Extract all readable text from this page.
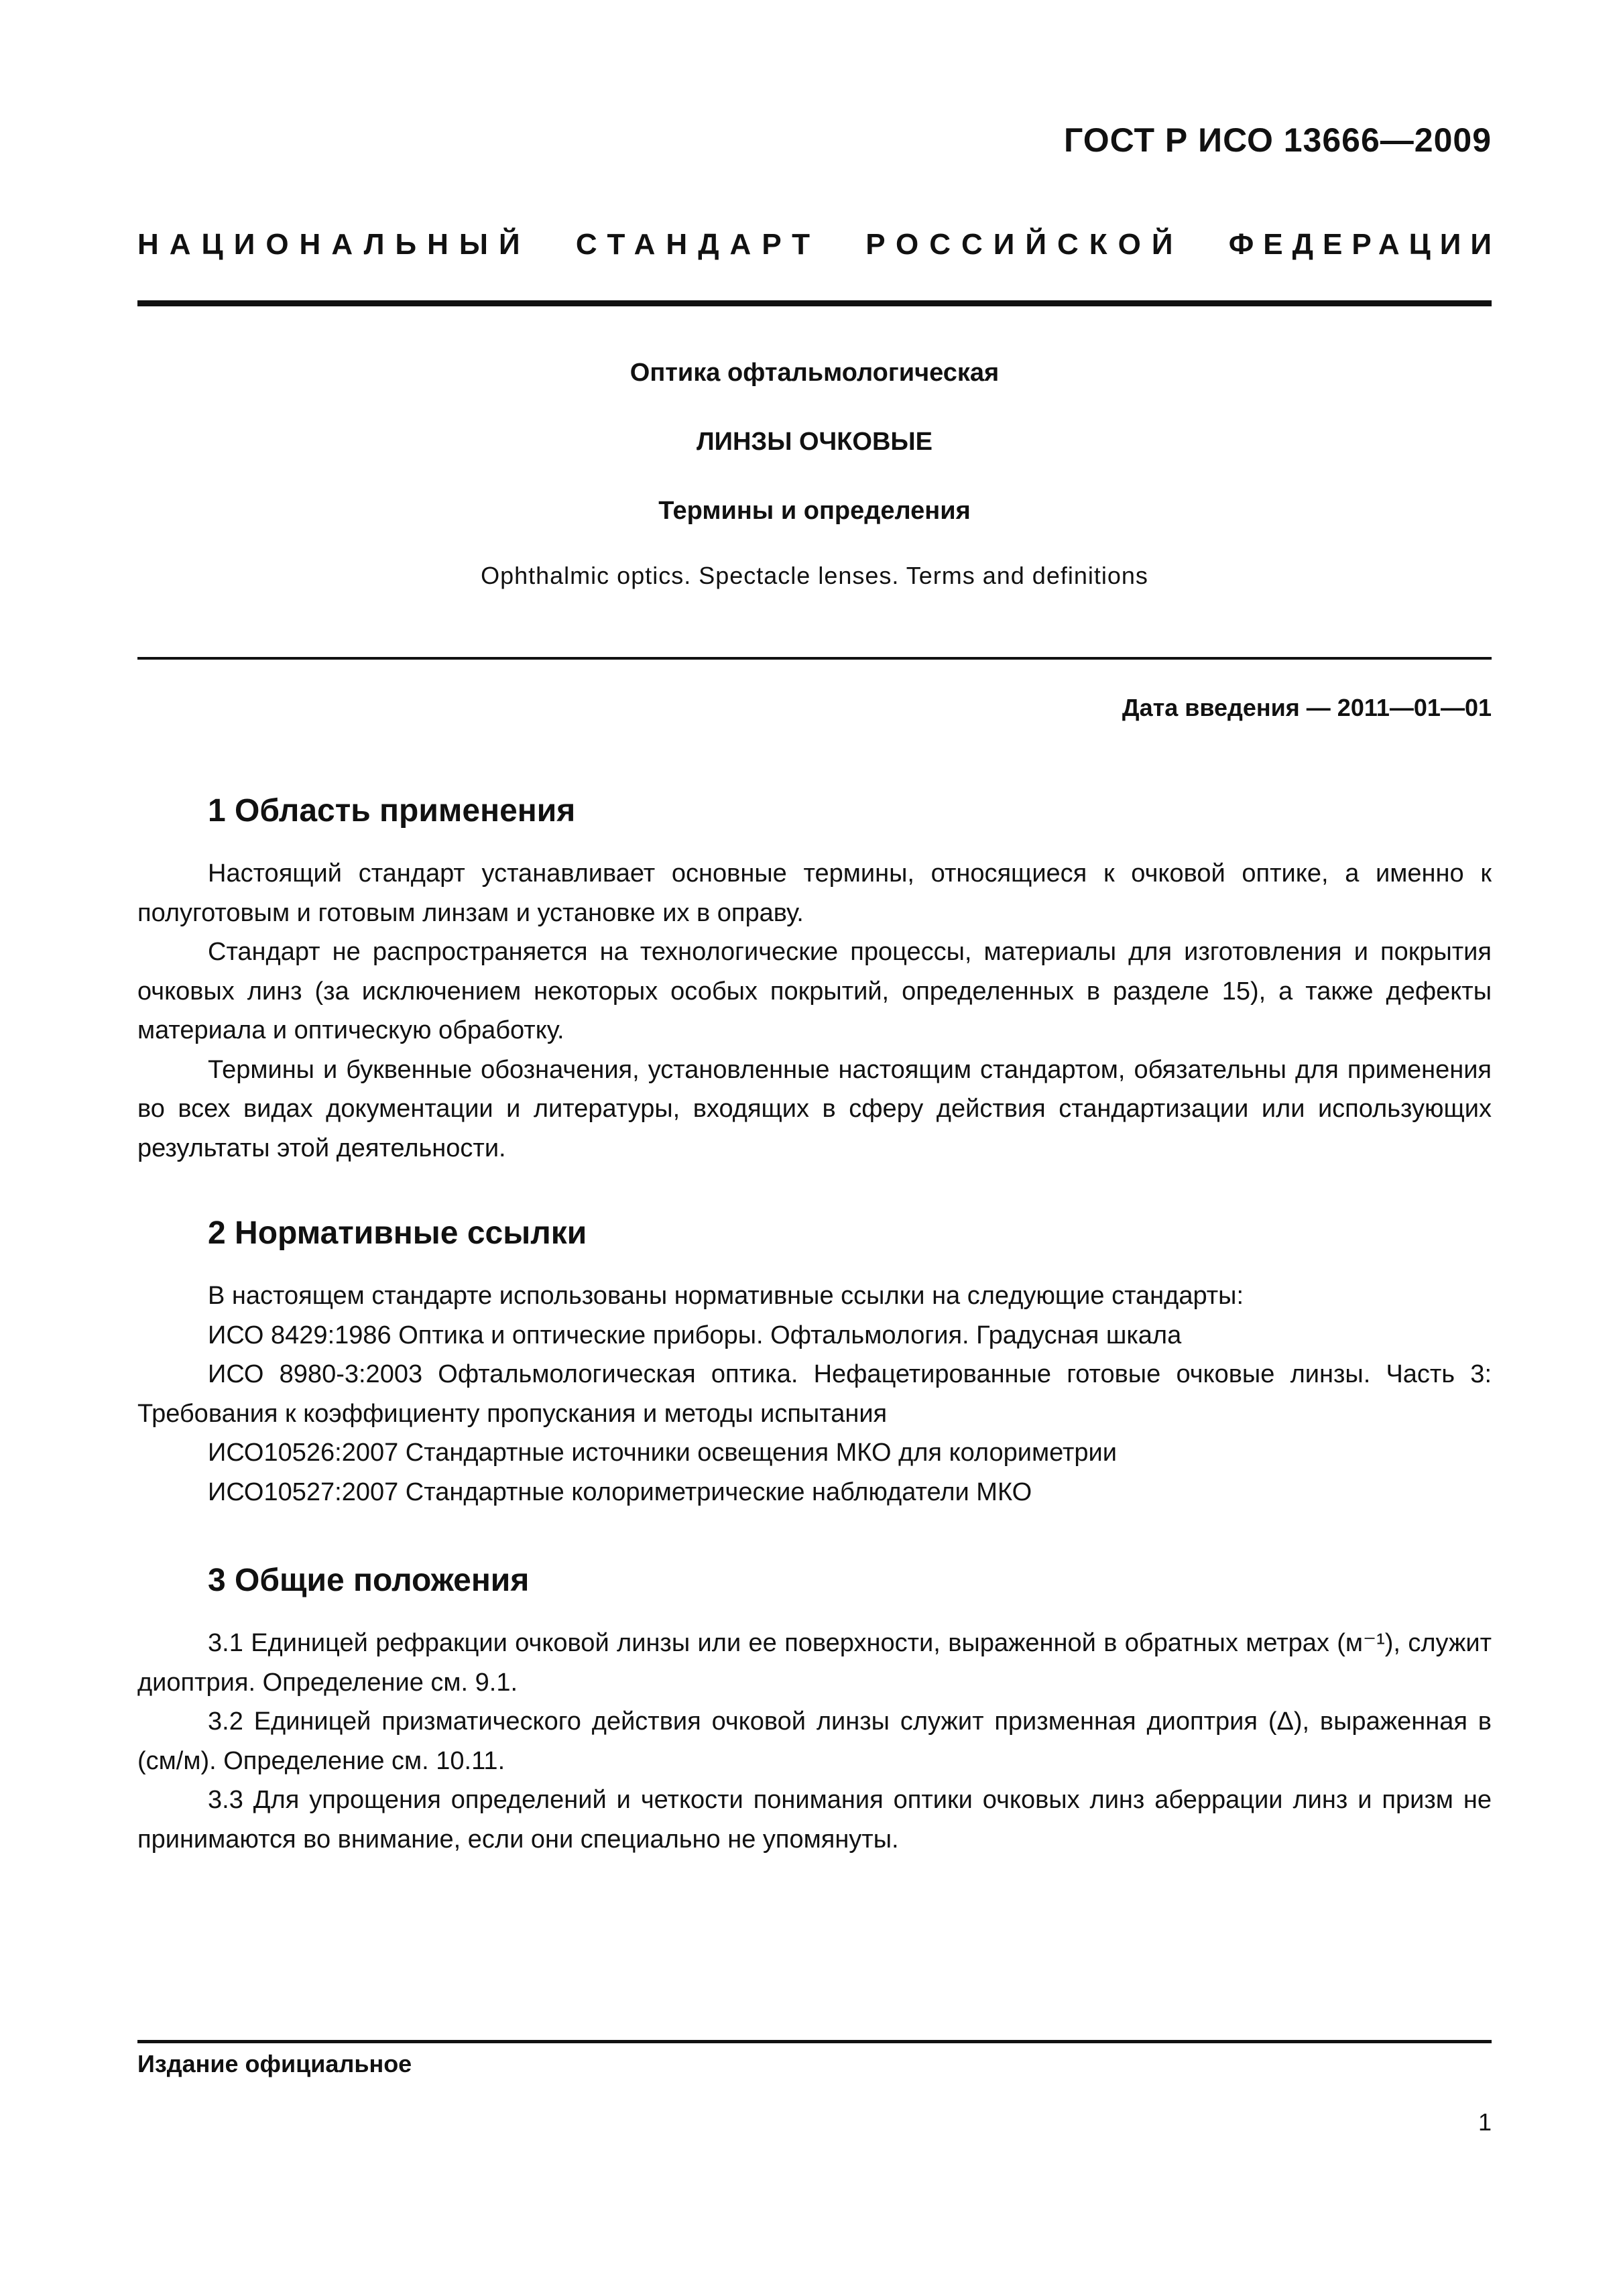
ГОСТ Р ИСО 13666—2009
НАЦИОНАЛЬНЫЙ СТАНДАРТ РОССИЙСКОЙ ФЕДЕРАЦИИ
Оптика офтальмологическая
ЛИНЗЫ ОЧКОВЫЕ
Термины и определения
Ophthalmic optics. Spectacle lenses. Terms and definitions
Дата введения — 2011—01—01
1 Область применения

Настоящий стандарт устанавливает основные термины, относящиеся к очковой оптике, а именно к полуготовым и готовым линзам и установке их в оправу.

Стандарт не распространяется на технологические процессы, материалы для изготовления и покрытия очковых линз (за исключением некоторых особых покрытий, определенных в разделе 15), а также дефекты материала и оптическую обработку.

Термины и буквенные обозначения, установленные настоящим стандартом, обязательны для применения во всех видах документации и литературы, входящих в сферу действия стандартизации или использующих результаты этой деятельности.

2 Нормативные ссылки

В настоящем стандарте использованы нормативные ссылки на следующие стандарты:

ИСО 8429:1986 Оптика и оптические приборы. Офтальмология. Градусная шкала

ИСО 8980-3:2003 Офтальмологическая оптика. Нефацетированные готовые очковые линзы. Часть 3: Требования к коэффициенту пропускания и методы испытания

ИСО10526:2007 Стандартные источники освещения МКО для колориметрии

ИСО10527:2007 Стандартные колориметрические наблюдатели МКО

3 Общие положения

3.1 Единицей рефракции очковой линзы или ее поверхности, выраженной в обратных метрах (м⁻¹), служит диоптрия. Определение см. 9.1.

3.2 Единицей призматического действия очковой линзы служит призменная диоптрия (Δ), выраженная в (см/м). Определение см. 10.11.

3.3 Для упрощения определений и четкости понимания оптики очковых линз аберрации линз и призм не принимаются во внимание, если они специально не упомянуты.

Издание официальное
1
